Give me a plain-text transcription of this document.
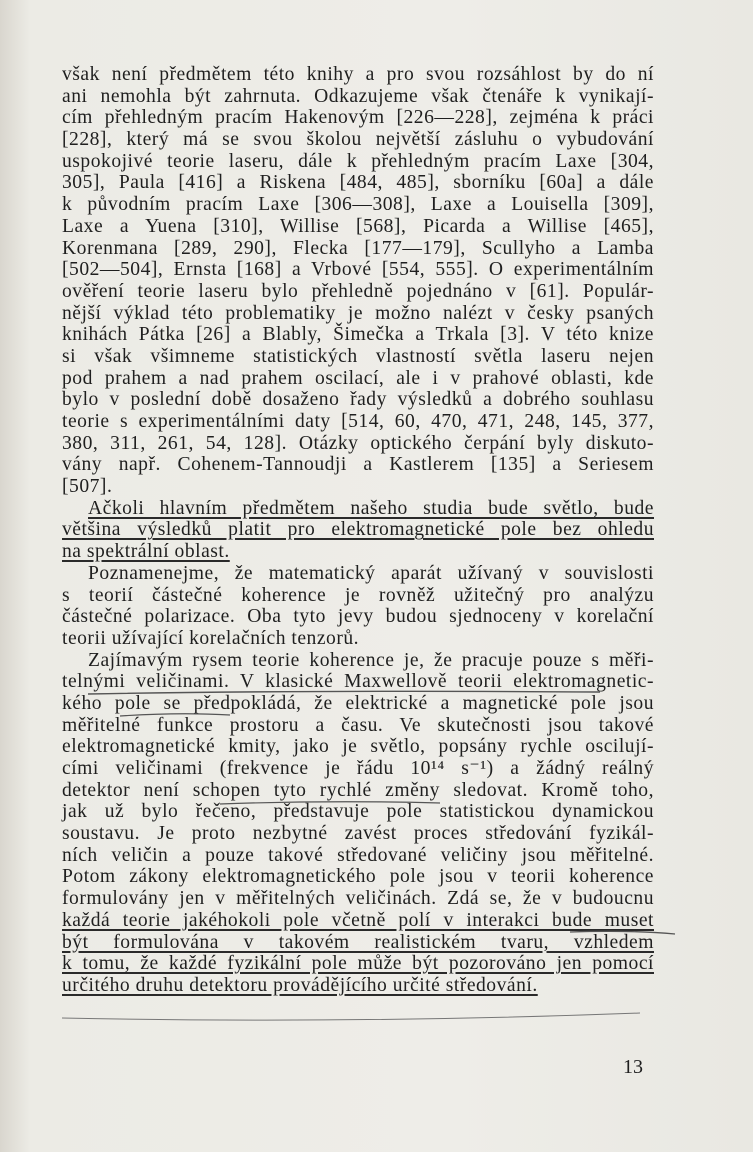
však není předmětem této knihy a pro svou rozsáhlost by do ní
ani nemohla být zahrnuta. Odkazujeme však čtenáře k vynikají-
cím přehledným pracím Hakenovým [226—228], zejména k práci
[228], který má se svou školou největší zásluhu o vybudování
uspokojivé teorie laseru, dále k přehledným pracím Laxe [304,
305], Paula [416] a Riskena [484, 485], sborníku [60a] a dále
k původním pracím Laxe [306—308], Laxe a Louisella [309],
Laxe a Yuena [310], Willise [568], Picarda a Willise [465],
Korenmana [289, 290], Flecka [177—179], Scullyho a Lamba
[502—504], Ernsta [168] a Vrbové [554, 555]. O experimentálním
ověření teorie laseru bylo přehledně pojednáno v [61]. Populár-
nější výklad této problematiky je možno nalézt v česky psaných
knihách Pátka [26] a Blably, Šimečka a Trkala [3]. V této knize
si však všimneme statistických vlastností světla laseru nejen
pod prahem a nad prahem oscilací, ale i v prahové oblasti, kde
bylo v poslední době dosaženo řady výsledků a dobrého souhlasu
teorie s experimentálními daty [514, 60, 470, 471, 248, 145, 377,
380, 311, 261, 54, 128]. Otázky optického čerpání byly diskuto-
vány např. Cohenem-Tannoudji a Kastlerem [135] a Seriesem
[507].
Ačkoli hlavním předmětem našeho studia bude světlo, bude
většina výsledků platit pro elektromagnetické pole bez ohledu
na spektrální oblast.
Poznamenejme, že matematický aparát užívaný v souvislosti
s teorií částečné koherence je rovněž užitečný pro analýzu
částečné polarizace. Oba tyto jevy budou sjednoceny v korelační
teorii užívající korelačních tenzorů.
Zajímavým rysem teorie koherence je, že pracuje pouze s měři-
telnými veličinami. V klasické Maxwellově teorii elektromagnetic-
kého pole se předpokládá, že elektrické a magnetické pole jsou
měřitelné funkce prostoru a času. Ve skutečnosti jsou takové
elektromagnetické kmity, jako je světlo, popsány rychle oscilují-
cími veličinami (frekvence je řádu 10¹⁴ s⁻¹) a žádný reálný
detektor není schopen tyto rychlé změny sledovat. Kromě toho,
jak už bylo řečeno, představuje pole statistickou dynamickou
soustavu. Je proto nezbytné zavést proces středování fyzikál-
ních veličin a pouze takové středované veličiny jsou měřitelné.
Potom zákony elektromagnetického pole jsou v teorii koherence
formulovány jen v měřitelných veličinách. Zdá se, že v budoucnu
každá teorie jakéhokoli pole včetně polí v interakci bude muset
být formulována v takovém realistickém tvaru, vzhledem
k tomu, že každé fyzikální pole může být pozorováno jen pomocí
určitého druhu detektoru provádějícího určité středování.
13
